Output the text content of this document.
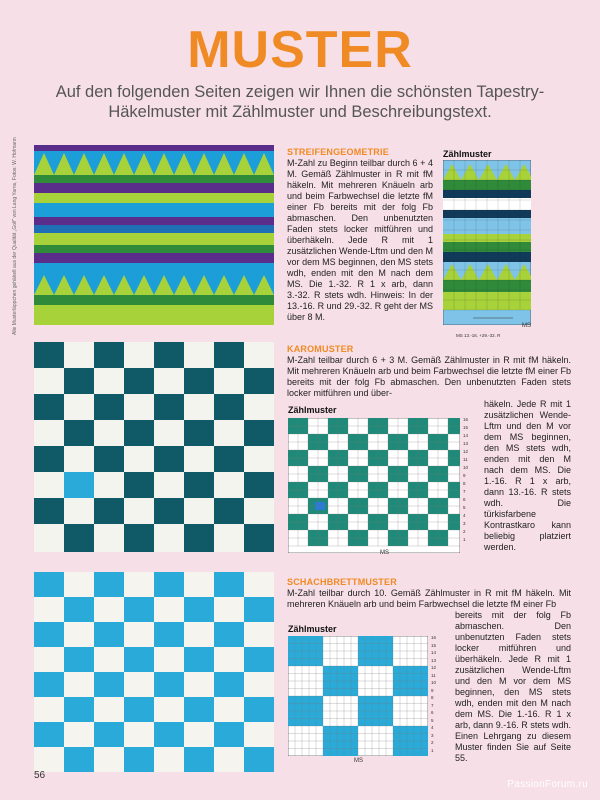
MUSTER
Auf den folgenden Seiten zeigen wir Ihnen die schönsten Tapestry-Häkelmuster mit Zählmuster und Beschreibungstext.
Alle Musterläppchen gehäkelt aus der Qualität „Golf“ von Lang Yarns, Fotos: W. Hofmann	STREIFENGEOMETRIE
M-Zahl zu Beginn teilbar durch 6 + 4 M. Gemäß Zählmuster in R mit fM häkeln. Mit mehreren Knäueln arb und beim Farbwechsel die letzte fM einer Fb bereits mit der folg Fb abmaschen. Den unbenutzten Faden stets locker mitführen und überhäkeln. Jede R mit 1 zusätzlichen Wende-Lftm und den M vor dem MS beginnen, den MS stets wdh, enden mit den M nach dem MS. Die 1.-32. R 1 x arb, dann 3.-32. R stets wdh. Hinweis: In der 13.-16. R und 29.-32. R geht der MS über 8 M.
Zählmuster
MS
MS 13.-16. +29.-32. R
KAROMUSTER
M-Zahl teilbar durch 6 + 3 M. Gemäß Zählmuster in R mit fM häkeln. Mit mehreren Knäueln arb und beim Farbwechsel die letzte fM einer Fb bereits mit der folg Fb abmaschen. Den unbenutzten Faden stets locker mitführen und über-
häkeln. Jede R mit 1 zusätzlichen Wende-Lftm und den M vor dem MS beginnen, den MS stets wdh, enden mit den M nach dem MS. Die 1.-16. R 1 x arb, dann 13.-16. R stets wdh. Die türkisfarbene Kontrastkaro kann beliebig platziert werden.
Zählmuster
16
15
14
13
12
11
10
9
8
7
6
5
4
3
2
1
MS
SCHACHBRETTMUSTER
M-Zahl teilbar durch 10. Gemäß Zählmuster in R mit fM häkeln. Mit mehreren Knäueln arb und beim Farbwechsel die letzte fM einer Fb
bereits mit der folg Fb abmaschen. Den unbenutzten Faden stets locker mitführen und überhäkeln. Jede R mit 1 zusätzlichen Wende-Lftm und den M vor dem MS beginnen, den MS stets wdh, enden mit den M nach dem MS. Die 1.-16. R 1 x arb, dann 9.-16. R stets wdh. Einen Lehrgang zu diesem Muster finden Sie auf Seite 55.
Zählmuster
16
15
14
13
12
11
10
9
8
7
6
5
4
3
2
1
MS
56
PassionForum.ru
